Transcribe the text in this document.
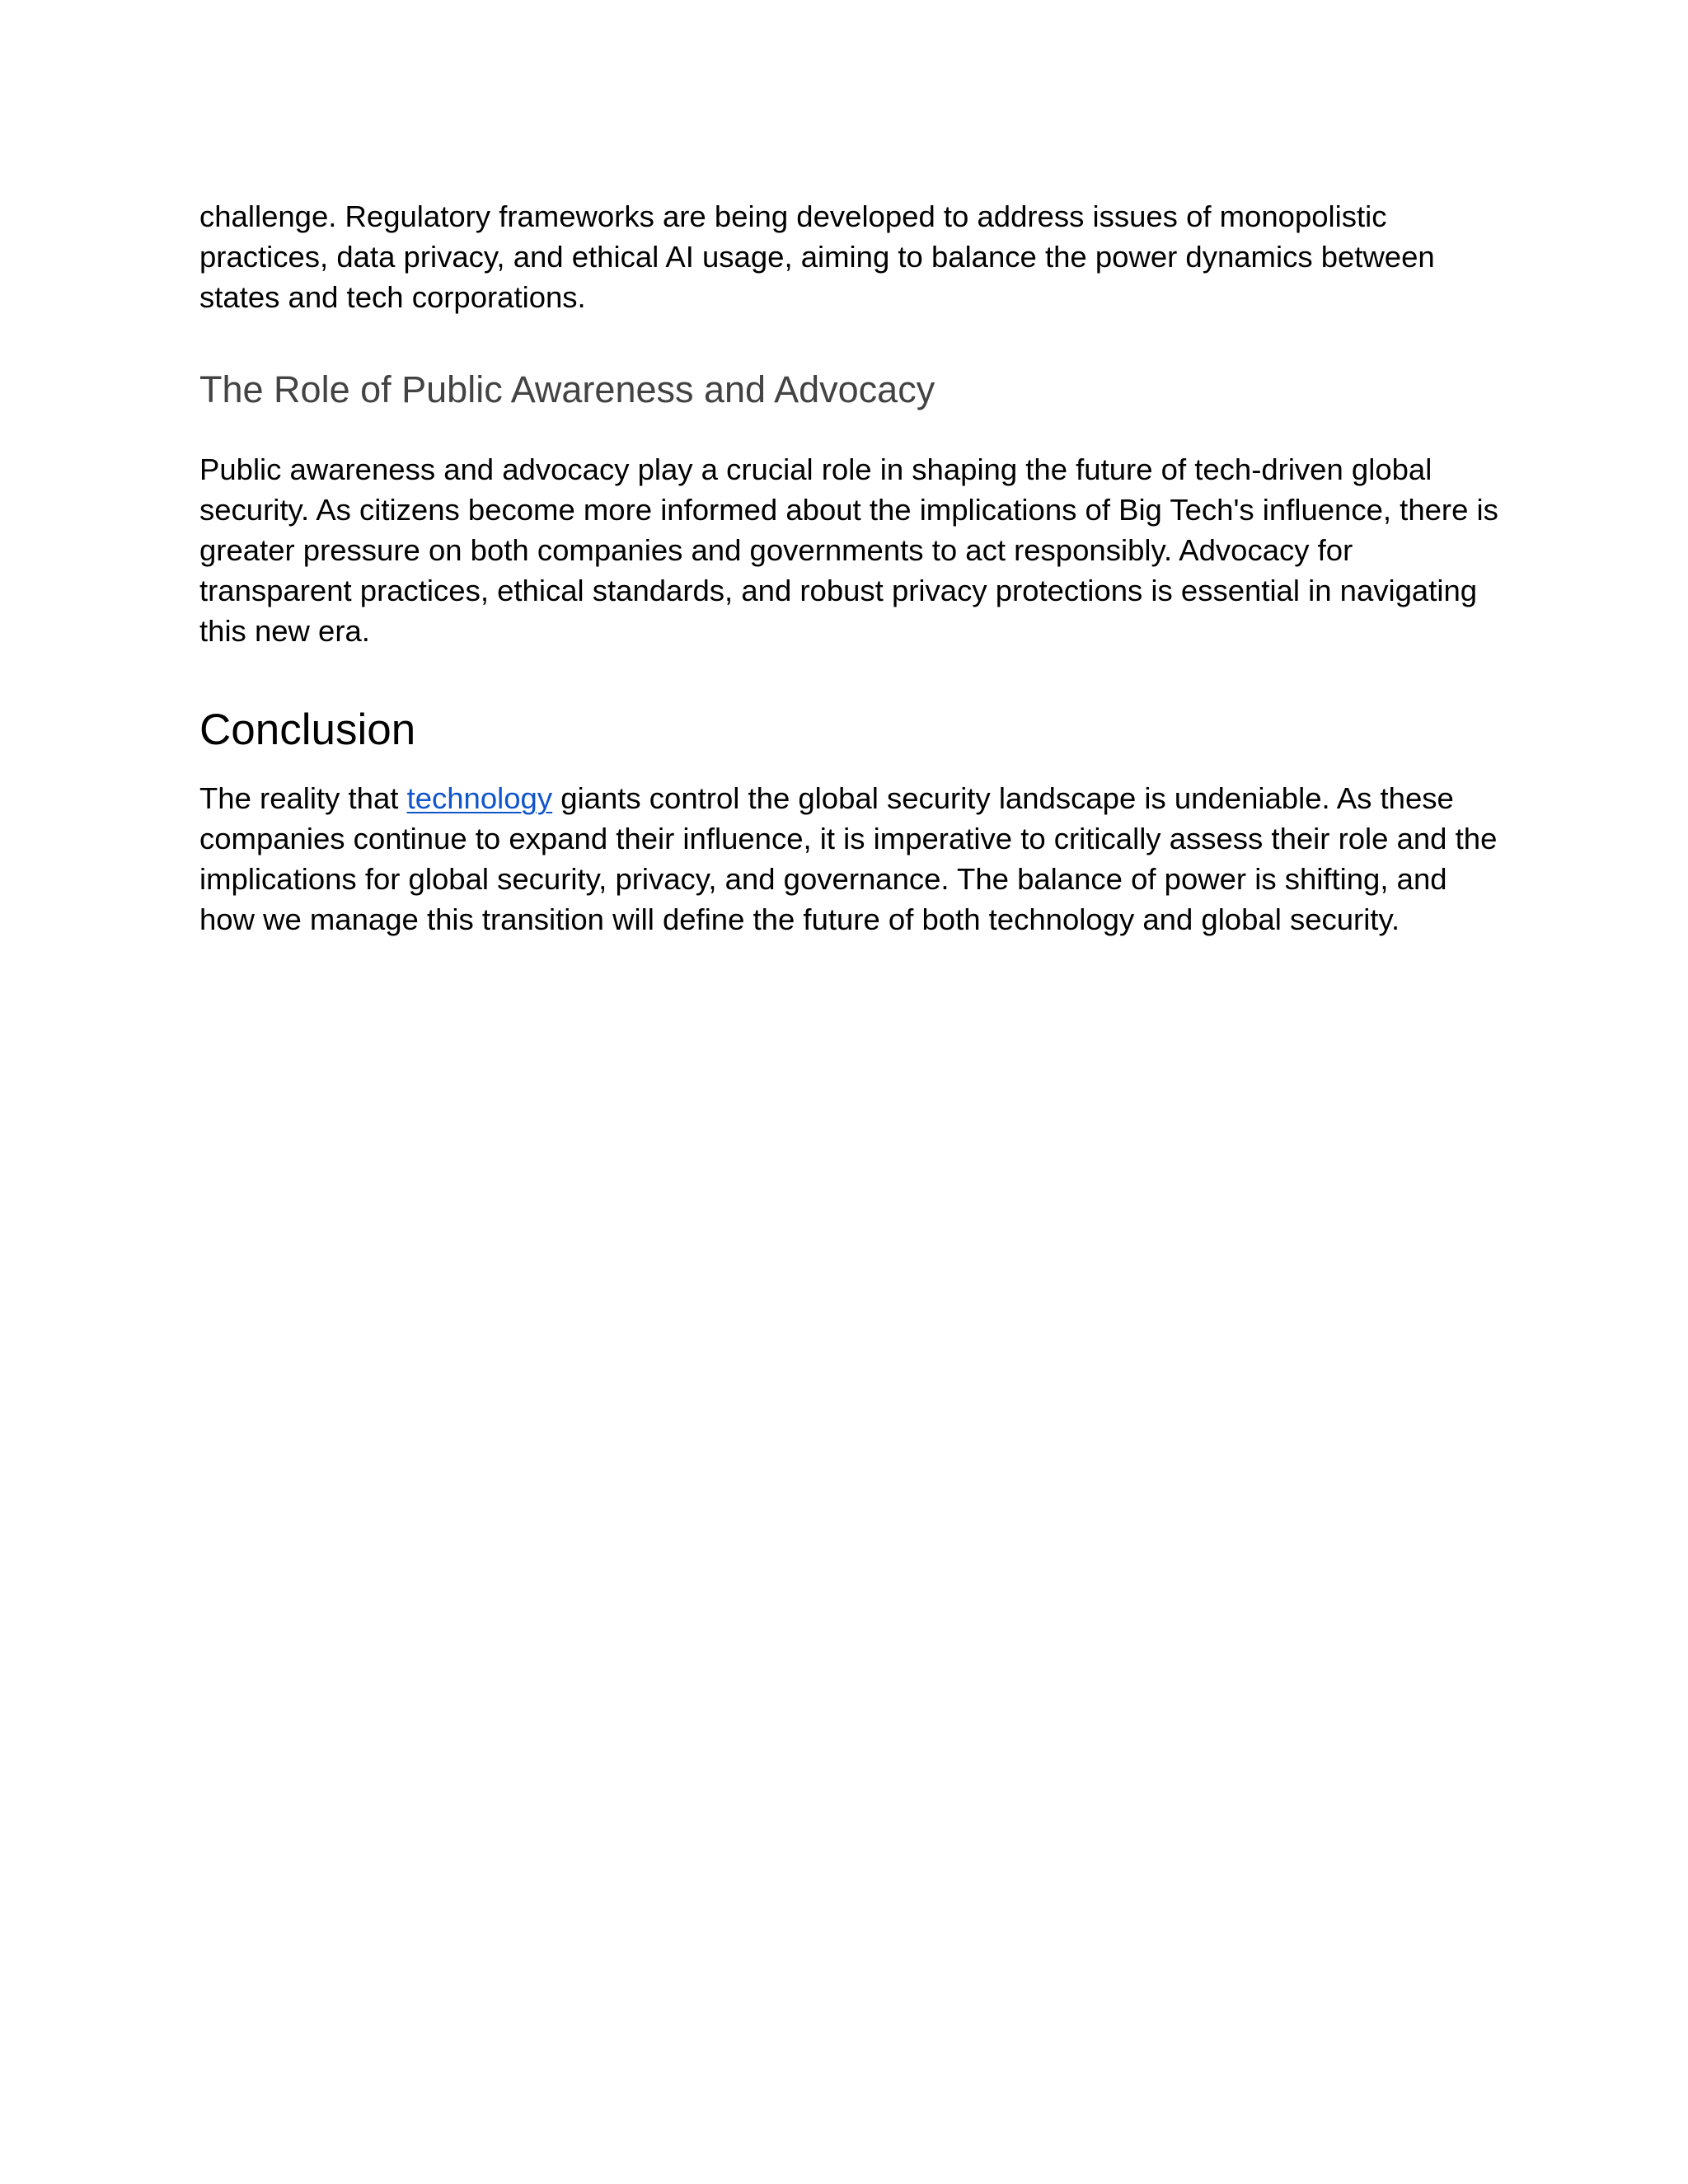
challenge. Regulatory frameworks are being developed to address issues of monopolistic practices, data privacy, and ethical AI usage, aiming to balance the power dynamics between states and tech corporations.

The Role of Public Awareness and Advocacy

Public awareness and advocacy play a crucial role in shaping the future of tech-driven global security. As citizens become more informed about the implications of Big Tech's influence, there is greater pressure on both companies and governments to act responsibly. Advocacy for transparent practices, ethical standards, and robust privacy protections is essential in navigating this new era.

Conclusion

The reality that technology giants control the global security landscape is undeniable. As these companies continue to expand their influence, it is imperative to critically assess their role and the implications for global security, privacy, and governance. The balance of power is shifting, and how we manage this transition will define the future of both technology and global security.
